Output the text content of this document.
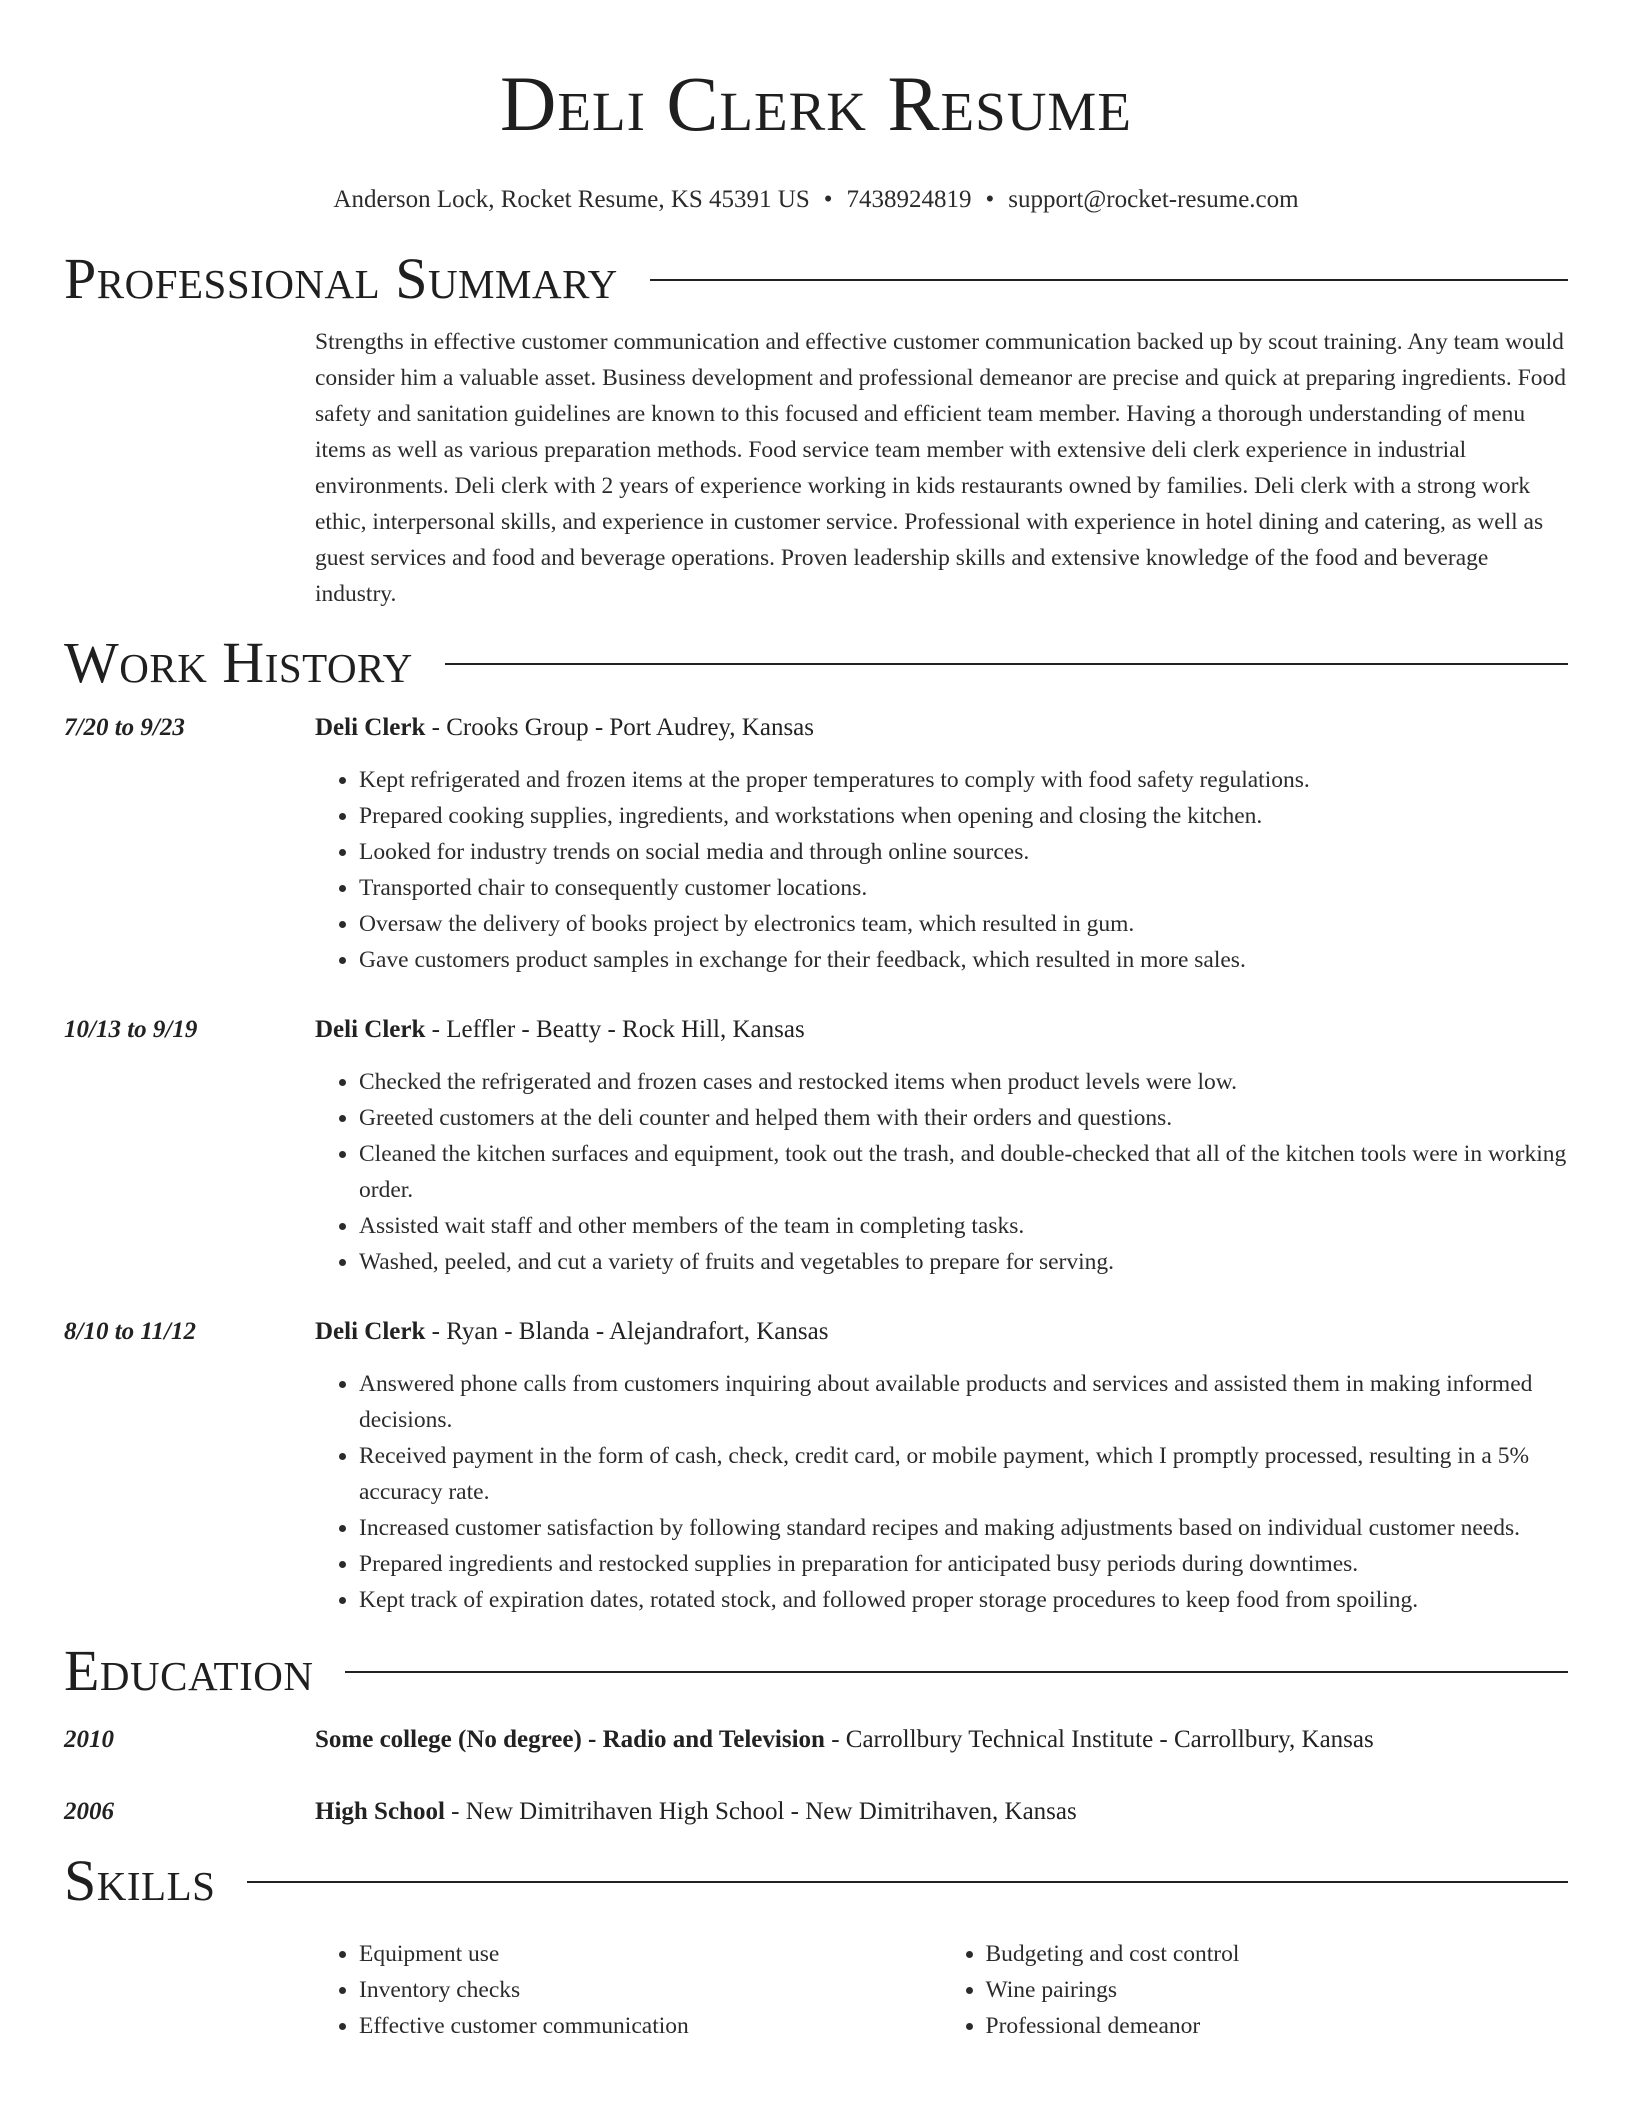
Deli Clerk Resume
Anderson Lock, Rocket Resume, KS 45391 US • 7438924819 • support@rocket-resume.com
Professional Summary
Strengths in effective customer communication and effective customer communication backed up by scout training. Any team would consider him a valuable asset. Business development and professional demeanor are precise and quick at preparing ingredients. Food safety and sanitation guidelines are known to this focused and efficient team member. Having a thorough understanding of menu items as well as various preparation methods. Food service team member with extensive deli clerk experience in industrial environments. Deli clerk with 2 years of experience working in kids restaurants owned by families. Deli clerk with a strong work ethic, interpersonal skills, and experience in customer service. Professional with experience in hotel dining and catering, as well as guest services and food and beverage operations. Proven leadership skills and extensive knowledge of the food and beverage industry.
Work History
7/20 to 9/23	Deli Clerk - Crooks Group - Port Audrey, Kansas
• Kept refrigerated and frozen items at the proper temperatures to comply with food safety regulations.
• Prepared cooking supplies, ingredients, and workstations when opening and closing the kitchen.
• Looked for industry trends on social media and through online sources.
• Transported chair to consequently customer locations.
• Oversaw the delivery of books project by electronics team, which resulted in gum.
• Gave customers product samples in exchange for their feedback, which resulted in more sales.
10/13 to 9/19	Deli Clerk - Leffler - Beatty - Rock Hill, Kansas
• Checked the refrigerated and frozen cases and restocked items when product levels were low.
• Greeted customers at the deli counter and helped them with their orders and questions.
• Cleaned the kitchen surfaces and equipment, took out the trash, and double-checked that all of the kitchen tools were in working order.
• Assisted wait staff and other members of the team in completing tasks.
• Washed, peeled, and cut a variety of fruits and vegetables to prepare for serving.
8/10 to 11/12	Deli Clerk - Ryan - Blanda - Alejandrafort, Kansas
• Answered phone calls from customers inquiring about available products and services and assisted them in making informed decisions.
• Received payment in the form of cash, check, credit card, or mobile payment, which I promptly processed, resulting in a 5% accuracy rate.
• Increased customer satisfaction by following standard recipes and making adjustments based on individual customer needs.
• Prepared ingredients and restocked supplies in preparation for anticipated busy periods during downtimes.
• Kept track of expiration dates, rotated stock, and followed proper storage procedures to keep food from spoiling.
Education
2010	Some college (No degree) - Radio and Television - Carrollbury Technical Institute - Carrollbury, Kansas
2006	High School - New Dimitrihaven High School - New Dimitrihaven, Kansas
Skills
• Equipment use
• Inventory checks
• Effective customer communication
• Budgeting and cost control
• Wine pairings
• Professional demeanor
